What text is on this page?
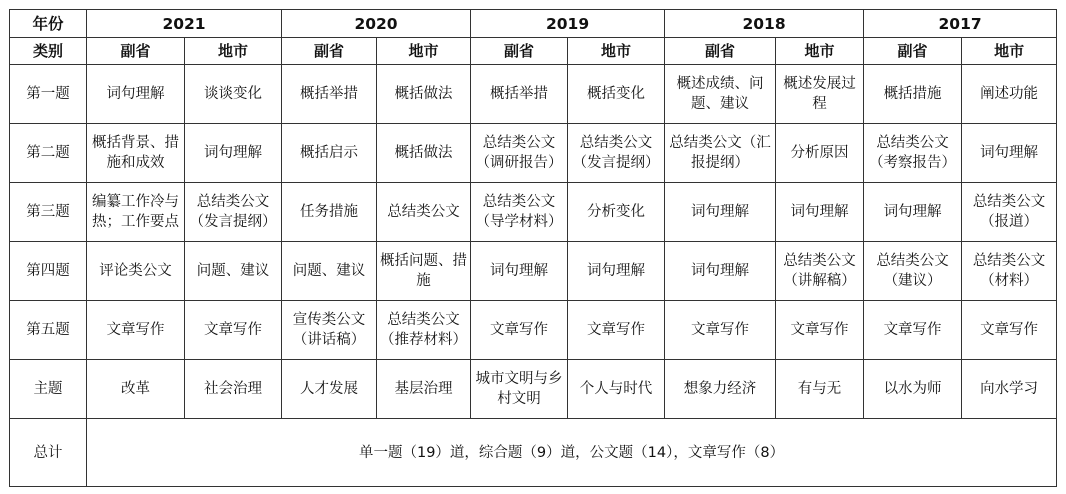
年份	2021		2020		2019		2018		2017	
类别	副省	地市	副省	地市	副省	地市	副省	地市	副省	地市
第一题	词句理解	谈谈变化	概括举措	概括做法	概括举措	概括变化	概述成绩、问题、建议	概述发展过程	概括措施	阐述功能
第二题	概括背景、措施和成效	词句理解	概括启示	概括做法	总结类公文（调研报告）	总结类公文（发言提纲）	总结类公文（汇报提纲）	分析原因	总结类公文（考察报告）	词句理解
第三题	编纂工作冷与热；工作要点	总结类公文（发言提纲）	任务措施	总结类公文	总结类公文（导学材料）	分析变化	词句理解	词句理解	词句理解	总结类公文（报道）
第四题	评论类公文	问题、建议	问题、建议	概括问题、措施	词句理解	词句理解	词句理解	总结类公文（讲解稿）	总结类公文（建议）	总结类公文（材料）
第五题	文章写作	文章写作	宣传类公文（讲话稿）	总结类公文（推荐材料）	文章写作	文章写作	文章写作	文章写作	文章写作	文章写作
主题	改革	社会治理	人才发展	基层治理	城市文明与乡村文明	个人与时代	想象力经济	有与无	以水为师	向水学习
总计	单一题（19）道，综合题（9）道，公文题（14），文章写作（8）									
